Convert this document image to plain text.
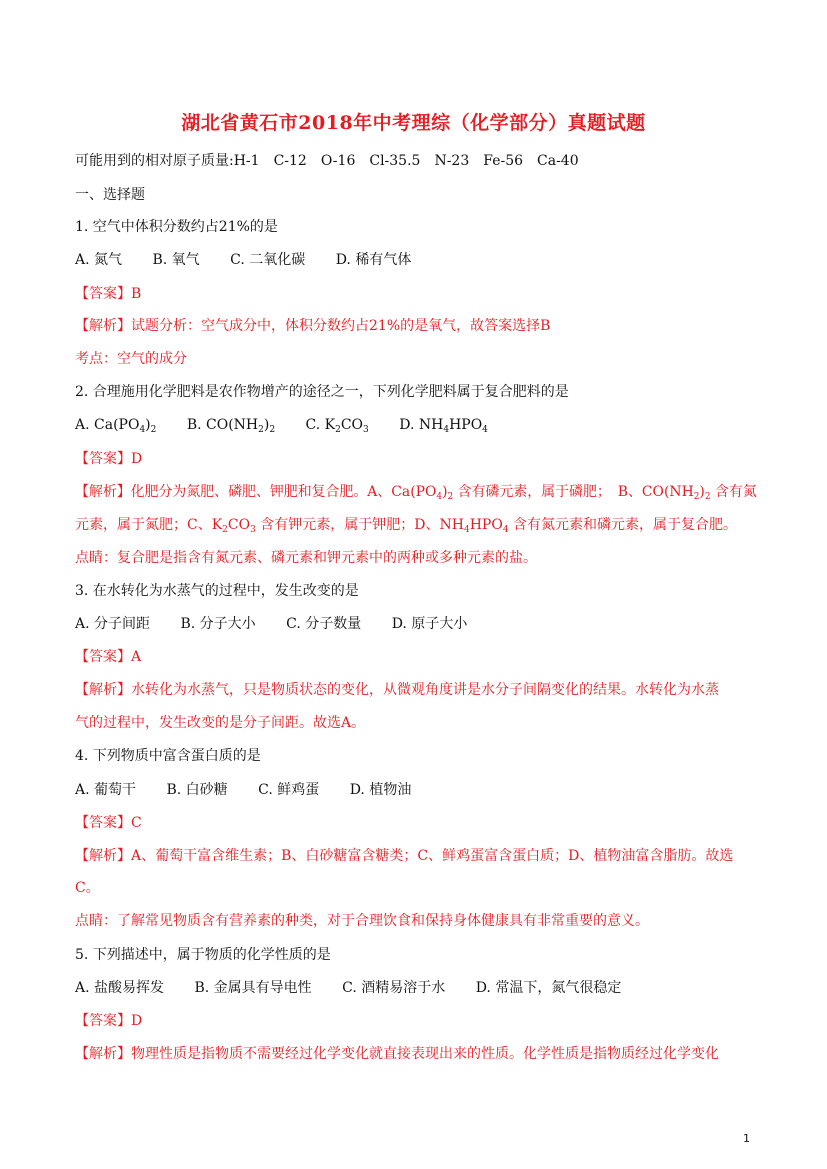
湖北省黄石市2018年中考理综（化学部分）真题试题
可能用到的相对原子质量:H-1　C-12　O-16　Cl-35.5　N-23　Fe-56　Ca-40
一、选择题
1. 空气中体积分数约占21%的是
A. 氮气 B. 氧气 C. 二氧化碳 D. 稀有气体
【答案】B
【解析】试题分析：空气成分中，体积分数约占21%的是氧气，故答案选择B
考点：空气的成分
2. 合理施用化学肥料是农作物增产的途径之一，下列化学肥料属于复合肥料的是
A. $Ca(PO_4)_2$ B. $CO(NH_2)_2$ C. $K_2CO_3$ D. $NH_4HPO_4$
【答案】D
【解析】化肥分为氮肥、磷肥、钾肥和复合肥。A、$Ca(PO_4)_2$ 含有磷元素，属于磷肥；　B、$CO(NH_2)_2$ 含有氮
元素，属于氮肥；C、$K_2CO_3$ 含有钾元素，属于钾肥；D、$NH_4HPO_4$ 含有氮元素和磷元素，属于复合肥。
点睛：复合肥是指含有氮元素、磷元素和钾元素中的两种或多种元素的盐。
3. 在水转化为水蒸气的过程中，发生改变的是
A. 分子间距 B. 分子大小 C. 分子数量 D. 原子大小
【答案】A
【解析】水转化为水蒸气，只是物质状态的变化，从微观角度讲是水分子间隔变化的结果。水转化为水蒸
气的过程中，发生改变的是分子间距。故选A。
4. 下列物质中富含蛋白质的是
A. 葡萄干 B. 白砂糖 C. 鲜鸡蛋 D. 植物油
【答案】C
【解析】A、葡萄干富含维生素；B、白砂糖富含糖类；C、鲜鸡蛋富含蛋白质；D、植物油富含脂肪。故选
C。
点睛：了解常见物质含有营养素的种类，对于合理饮食和保持身体健康具有非常重要的意义。
5. 下列描述中，属于物质的化学性质的是
A. 盐酸易挥发 B. 金属具有导电性 C. 酒精易溶于水 D. 常温下，氮气很稳定
【答案】D
【解析】物理性质是指物质不需要经过化学变化就直接表现出来的性质。化学性质是指物质经过化学变化
1
